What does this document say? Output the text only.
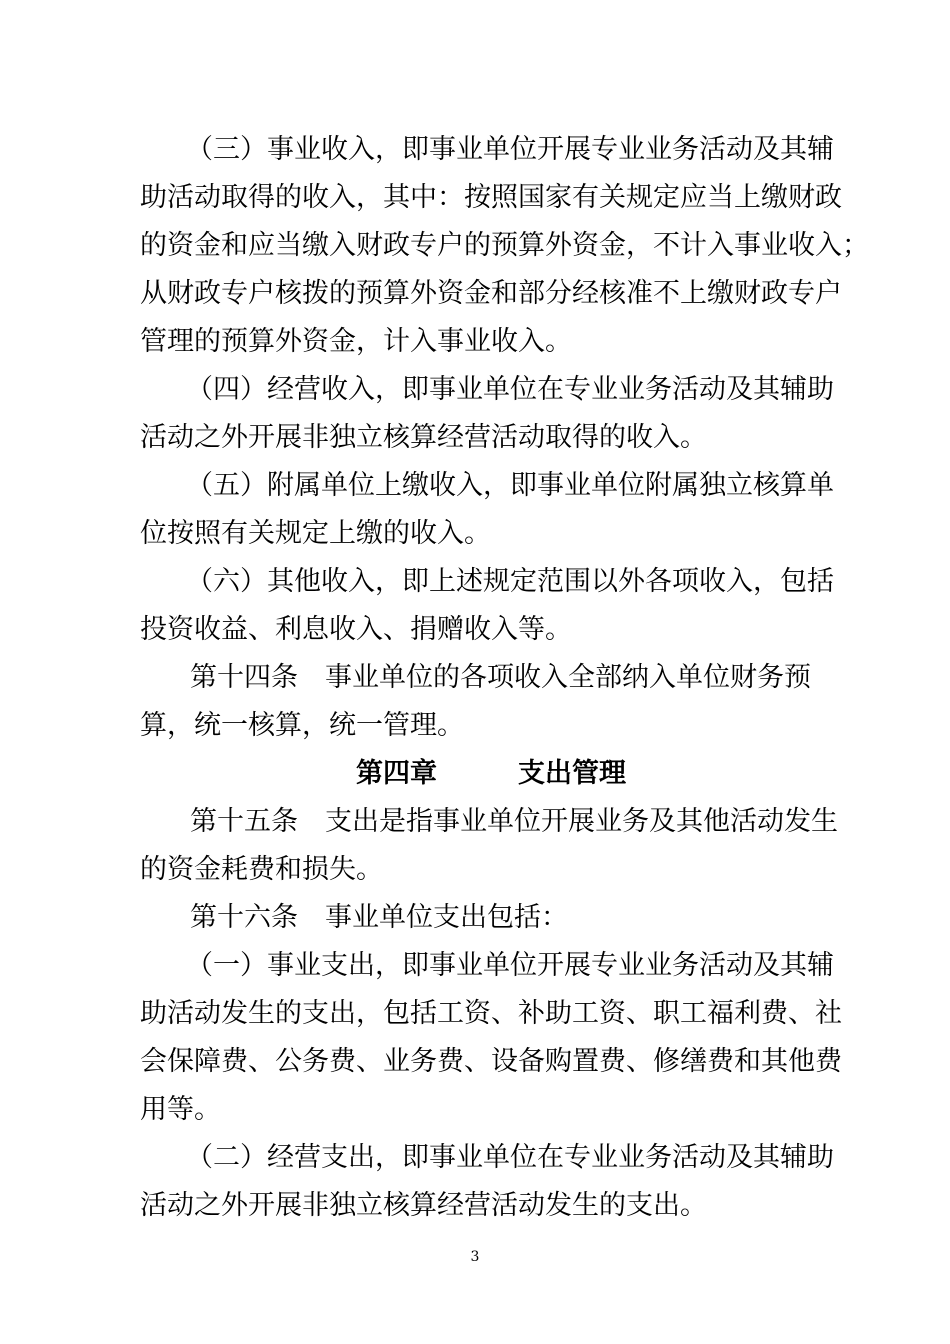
（三）事业收入，即事业单位开展专业业务活动及其辅
助活动取得的收入，其中：按照国家有关规定应当上缴财政
的资金和应当缴入财政专户的预算外资金，不计入事业收入；
从财政专户核拨的预算外资金和部分经核准不上缴财政专户
管理的预算外资金，计入事业收入。
（四）经营收入，即事业单位在专业业务活动及其辅助
活动之外开展非独立核算经营活动取得的收入。
（五）附属单位上缴收入，即事业单位附属独立核算单
位按照有关规定上缴的收入。
（六）其他收入，即上述规定范围以外各项收入，包括
投资收益、利息收入、捐赠收入等。
第十四条　事业单位的各项收入全部纳入单位财务预
算，统一核算，统一管理。
第四章　　　支出管理
第十五条　支出是指事业单位开展业务及其他活动发生
的资金耗费和损失。
第十六条　事业单位支出包括：
（一）事业支出，即事业单位开展专业业务活动及其辅
助活动发生的支出，包括工资、补助工资、职工福利费、社
会保障费、公务费、业务费、设备购置费、修缮费和其他费
用等。
（二）经营支出，即事业单位在专业业务活动及其辅助
活动之外开展非独立核算经营活动发生的支出。
3
